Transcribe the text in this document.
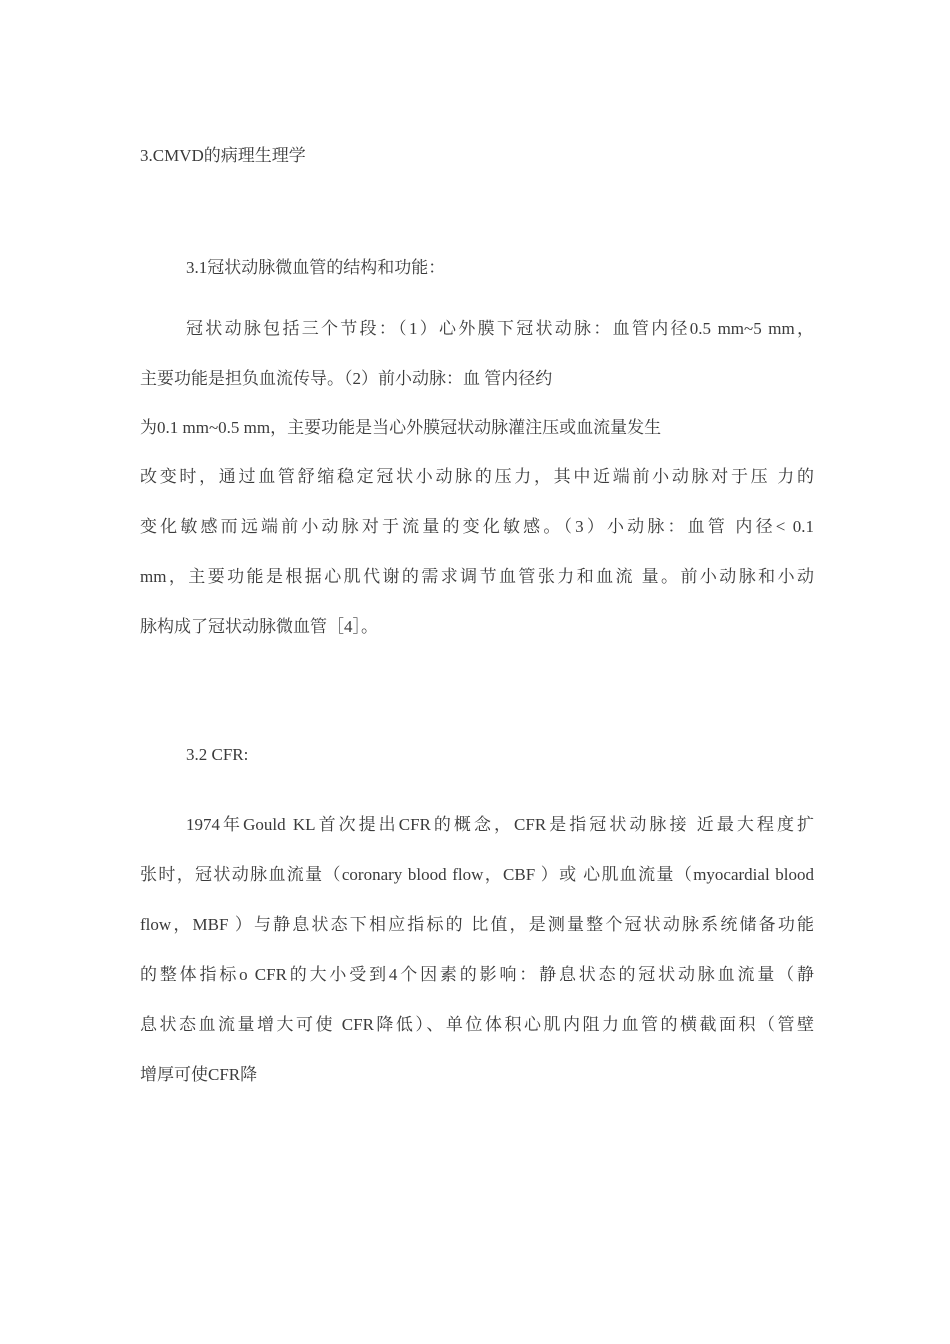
3.CMVD的病理生理学
3.1冠状动脉微血管的结构和功能：
冠状动脉包括三个节段：（1）心外膜下冠状动脉：血管内径0.5 mm~5 mm，
主要功能是担负血流传导。（2）前小动脉：血 管内径约
为0.1 mm~0.5 mm，主要功能是当心外膜冠状动脉灌注压或血流量发生
改变时，通过血管舒缩稳定冠状小动脉的压力，其中近端前小动脉对于压 力的
变化敏感而远端前小动脉对于流量的变化敏感。（3）小动脉：血管 内径< 0.1
mm，主要功能是根据心肌代谢的需求调节血管张力和血流 量。前小动脉和小动
脉构成了冠状动脉微血管［4］。
3.2 CFR:
1974年Gould KL首次提出CFR的概念，CFR是指冠状动脉接 近最大程度扩
张时，冠状动脉血流量（coronary blood flow，CBF ）或 心肌血流量（myocardial blood
flow，MBF ）与静息状态下相应指标的 比值，是测量整个冠状动脉系统储备功能
的整体指标o CFR的大小受到4个因素的影响：静息状态的冠状动脉血流量（静
息状态血流量增大可使 CFR降低）、单位体积心肌内阻力血管的横截面积（管壁
增厚可使CFR降
